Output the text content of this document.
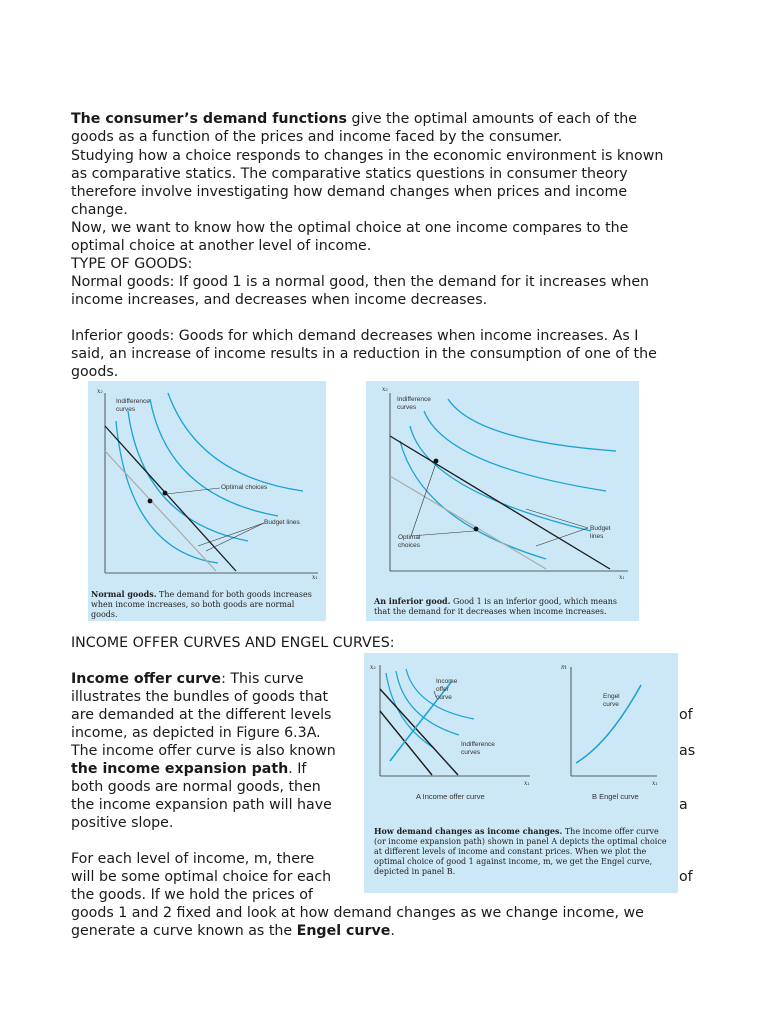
The consumer’s demand functions give the optimal amounts of each of the goods as a function of the prices and income faced by the consumer.

Studying how a choice responds to changes in the economic environment is known as comparative statics. The comparative statics questions in consumer theory therefore involve investigating how demand changes when prices and income change.

Now, we want to know how the optimal choice at one income compares to the optimal choice at another level of income.

TYPE OF GOODS:

Normal goods: If good 1 is a normal good, then the demand for it increases when income increases, and decreases when income decreases.

Inferior goods: Goods for which demand decreases when income increases. As I said, an increase of income results in a reduction in the consumption of one of the goods.

x₂
x₁
Indifference curves
Optimal choices
Budget lines
Normal goods. The demand for both goods increases when income increases, so both goods are normal goods.
x₂
x₁
Indifference curves
Optimal choices
Budget lines
An inferior good. Good 1 is an inferior good, which means that the demand for it decreases when income increases.

INCOME OFFER CURVES AND ENGEL CURVES:

Income offer curve: This curve
illustrates the bundles of goods that
are demanded at the different levels
income, as depicted in Figure 6.3A.
The income offer curve is also known
the income expansion path. If
both goods are normal goods, then
the income expansion path will have
positive slope.
of
as
a
For each level of income, m, there
will be some optimal choice for each
the goods. If we hold the prices of
of
goods 1 and 2 fixed and look at how demand changes as we change income, we
generate a curve known as the Engel curve.
x₂
x₁
Income offer curve
Indifference curves
m
x₁
Engel curve
A Income offer curve	B Engel curve
How demand changes as income changes. The income offer curve (or income expansion path) shown in panel A depicts the optimal choice at different levels of income and constant prices. When we plot the optimal choice of good 1 against income, m, we get the Engel curve, depicted in panel B.
